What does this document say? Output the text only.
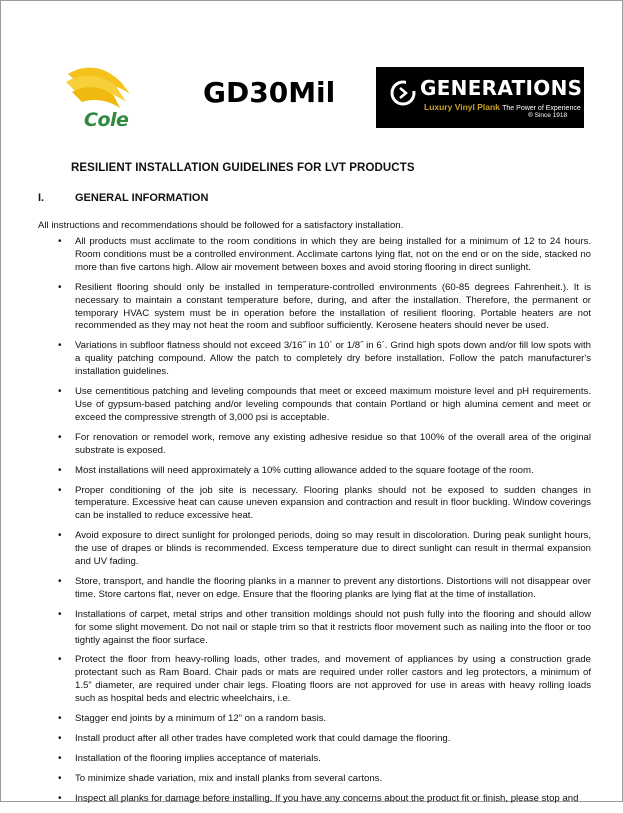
Cole
GD30Mil	GENERATIONS
Luxury Vinyl Plank The Power of Experience
® Since 1918
RESILIENT INSTALLATION GUIDELINES FOR LVT PRODUCTS
I.	GENERAL INFORMATION
All instructions and recommendations should be followed for a satisfactory installation.
• All products must acclimate to the room conditions in which they are being installed for a minimum of 12 to 24 hours. Room conditions must be a controlled environment. Acclimate cartons lying flat, not on the end or on the side, stacked no more than five cartons high. Allow air movement between boxes and avoid storing flooring in direct sunlight.
• Resilient flooring should only be installed in temperature-controlled environments (60-85 degrees Fahrenheit.). It is necessary to maintain a constant temperature before, during, and after the installation. Therefore, the permanent or temporary HVAC system must be in operation before the installation of resilient flooring. Portable heaters are not recommended as they may not heat the room and subfloor sufficiently. Kerosene heaters should never be used.
• Variations in subfloor flatness should not exceed 3/16˝ in 10´ or 1/8˝ in 6´. Grind high spots down and/or fill low spots with a quality patching compound. Allow the patch to completely dry before installation. Follow the patch manufacturer's installation guidelines.
• Use cementitious patching and leveling compounds that meet or exceed maximum moisture level and pH requirements. Use of gypsum-based patching and/or leveling compounds that contain Portland or high alumina cement and meet or exceed the compressive strength of 3,000 psi is acceptable.
• For renovation or remodel work, remove any existing adhesive residue so that 100% of the overall area of the original substrate is exposed.
• Most installations will need approximately a 10% cutting allowance added to the square footage of the room.
• Proper conditioning of the job site is necessary. Flooring planks should not be exposed to sudden changes in temperature. Excessive heat can cause uneven expansion and contraction and result in floor buckling. Window coverings can be installed to reduce excessive heat.
• Avoid exposure to direct sunlight for prolonged periods, doing so may result in discoloration. During peak sunlight hours, the use of drapes or blinds is recommended. Excess temperature due to direct sunlight can result in thermal expansion and UV fading.
• Store, transport, and handle the flooring planks in a manner to prevent any distortions. Distortions will not disappear over time. Store cartons flat, never on edge. Ensure that the flooring planks are lying flat at the time of installation.
• Installations of carpet, metal strips and other transition moldings should not push fully into the flooring and should allow for some slight movement. Do not nail or staple trim so that it restricts floor movement such as nailing into the floor or too tightly against the floor surface.
• Protect the floor from heavy-rolling loads, other trades, and movement of appliances by using a construction grade protectant such as Ram Board. Chair pads or mats are required under roller castors and leg protectors, a minimum of 1.5” diameter, are required under chair legs. Floating floors are not approved for use in areas with heavy rolling loads such as hospital beds and electric wheelchairs, i.e.
• Stagger end joints by a minimum of 12” on a random basis.
• Install product after all other trades have completed work that could damage the flooring.
• Installation of the flooring implies acceptance of materials.
• To minimize shade variation, mix and install planks from several cartons.
• Inspect all planks for damage before installing. If you have any concerns about the product fit or finish, please stop and
